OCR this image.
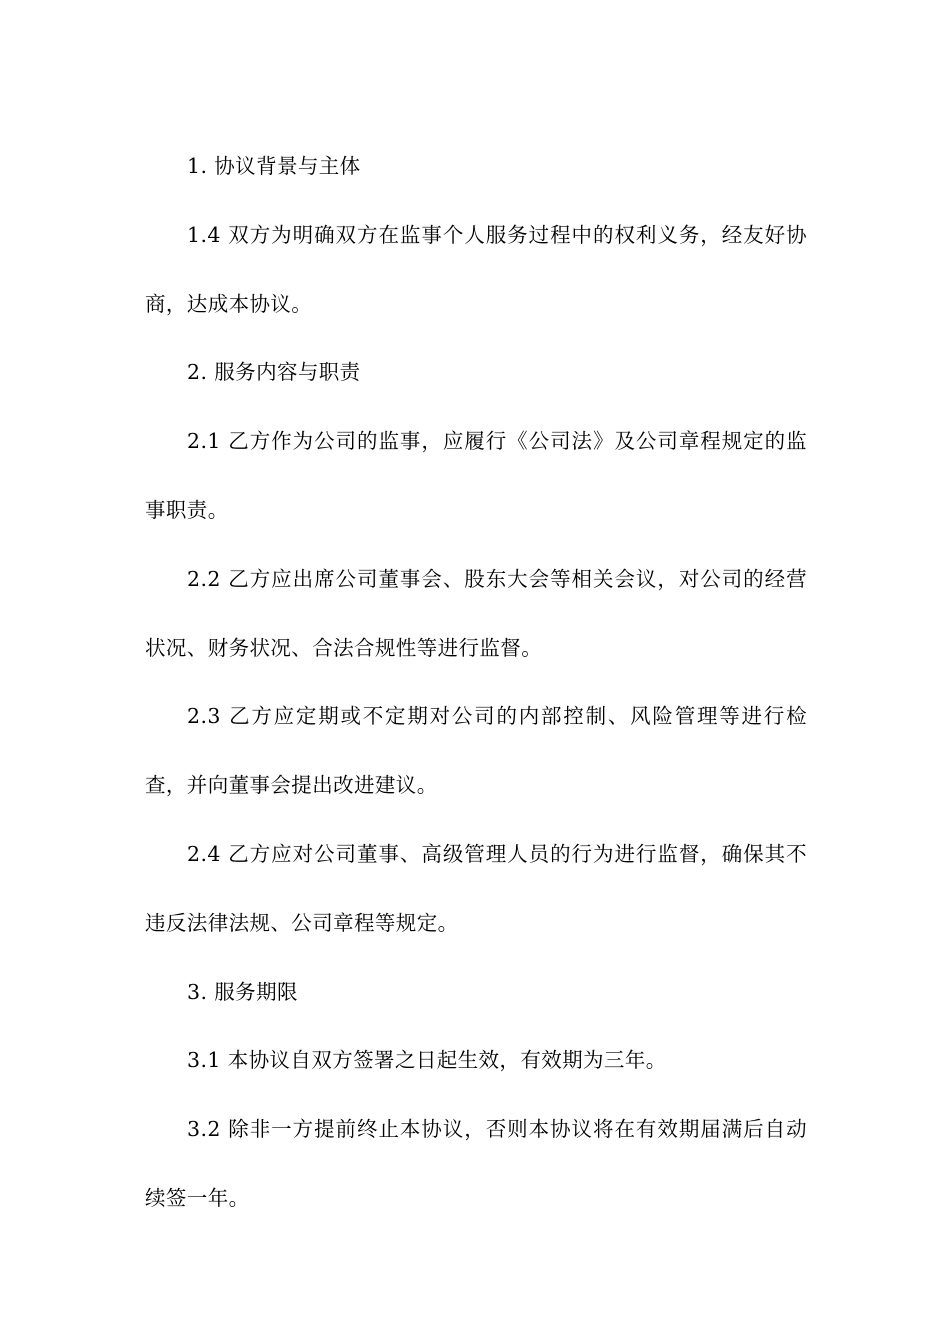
1. 协议背景与主体

1.4 双方为明确双方在监事个人服务过程中的权利义务，经友好协商，达成本协议。

2. 服务内容与职责

2.1 乙方作为公司的监事，应履行《公司法》及公司章程规定的监事职责。

2.2 乙方应出席公司董事会、股东大会等相关会议，对公司的经营状况、财务状况、合法合规性等进行监督。

2.3 乙方应定期或不定期对公司的内部控制、风险管理等进行检查，并向董事会提出改进建议。

2.4 乙方应对公司董事、高级管理人员的行为进行监督，确保其不违反法律法规、公司章程等规定。

3. 服务期限

3.1 本协议自双方签署之日起生效，有效期为三年。

3.2 除非一方提前终止本协议，否则本协议将在有效期届满后自动续签一年。
